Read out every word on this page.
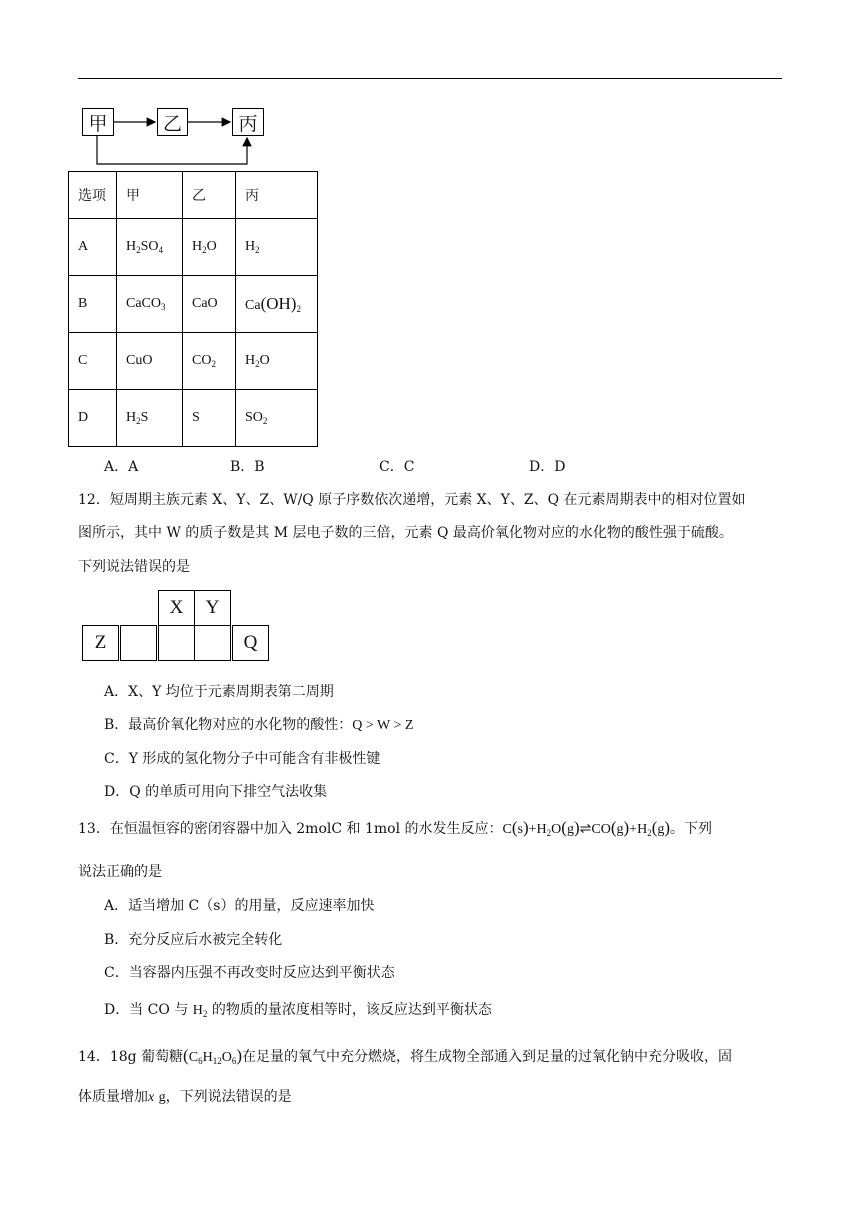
甲	乙	丙
选项	甲	乙	丙
A	$H_2SO_4$	$H_2O$	$H_2$
B	CaCO$_3$	CaO	$Ca(OH)_2$
C	CuO	$CO_2$	$H_2O$
D	$H_2S$	S	$SO_2$
A．A	B．B	C．C	D．D
12．短周期主族元素 X、Y、Z、W/Q 原子序数依次递增，元素 X、Y、Z、Q 在元素周期表中的相对位置如
图所示，其中 W 的质子数是其 M 层电子数的三倍，元素 Q 最高价氧化物对应的水化物的酸性强于硫酸。
下列说法错误的是
X	Y
Z	Q
A．X、Y 均位于元素周期表第二周期
B．最高价氧化物对应的水化物的酸性：Q > W > Z
C．Y 形成的氢化物分子中可能含有非极性键
D．Q 的单质可用向下排空气法收集
13．在恒温恒容的密闭容器中加入 2molC 和 1mol 的水发生反应：$C(s)+H_2O(g)\rightleftharpoons CO(g)+H_2(g)$。下列
说法正确的是
A．适当增加 C（s）的用量，反应速率加快
B．充分反应后水被完全转化
C．当容器内压强不再改变时反应达到平衡状态
D．当 CO 与 $H_2$ 的物质的量浓度相等时，该反应达到平衡状态
14．18g 葡萄糖$(C_6H_{12}O_6)$在足量的氧气中充分燃烧，将生成物全部通入到足量的过氧化钠中充分吸收，固
体质量增加x g，下列说法错误的是
